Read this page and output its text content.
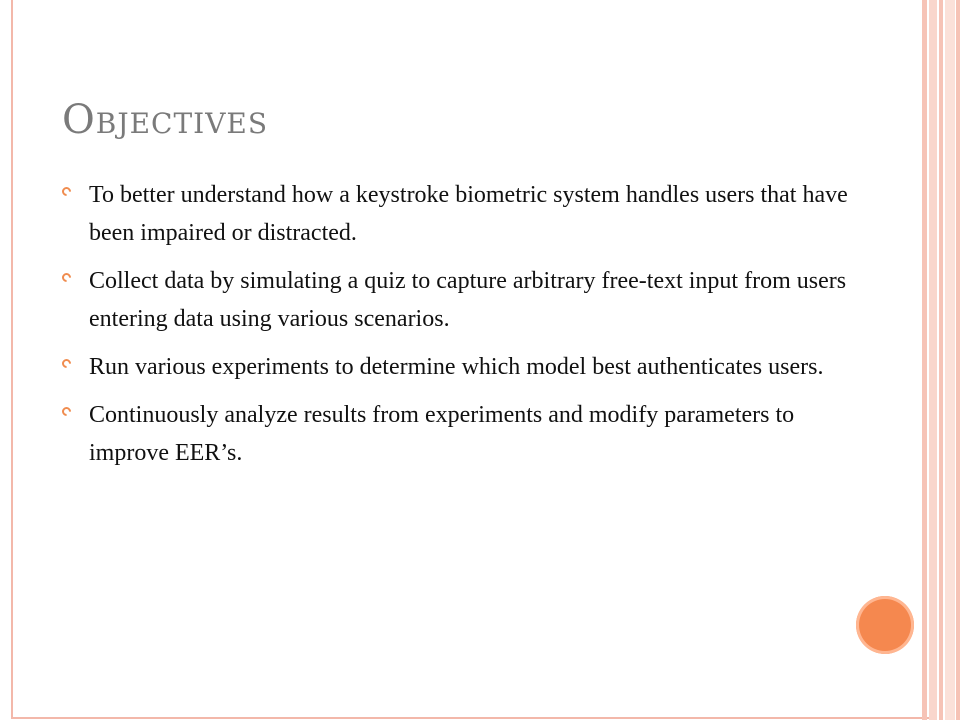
Objectives
To better understand how a keystroke biometric system handles users that have been impaired or distracted.
Collect data by simulating a quiz to capture arbitrary free-text input from users entering data using various scenarios.
Run various experiments to determine which model best authenticates users.
Continuously analyze results from experiments and modify parameters to improve EER’s.
